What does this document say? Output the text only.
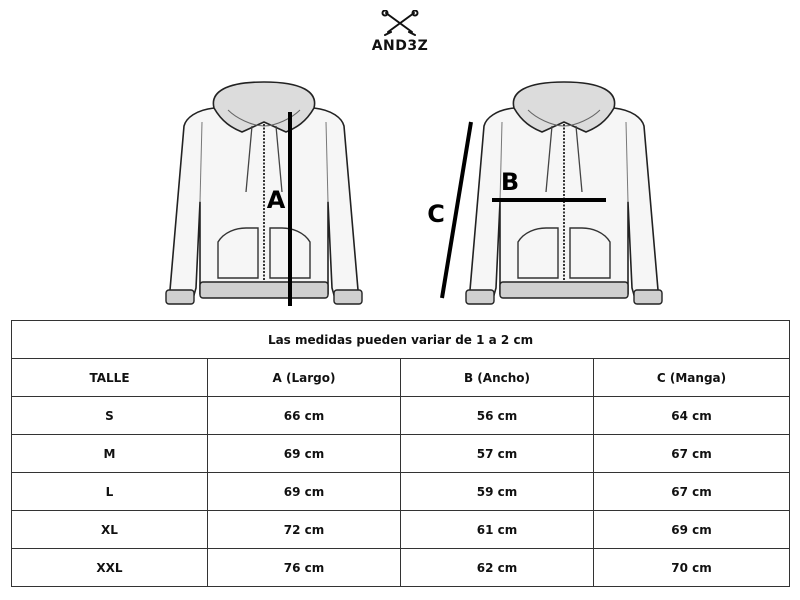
AND3Z
A
B
C
Las medidas pueden variar de 1 a 2 cm			
TALLE	A (Largo)	B (Ancho)	C (Manga)
S	66 cm	56 cm	64 cm
M	69 cm	57 cm	67 cm
L	69 cm	59 cm	67 cm
XL	72 cm	61 cm	69 cm
XXL	76 cm	62 cm	70 cm
